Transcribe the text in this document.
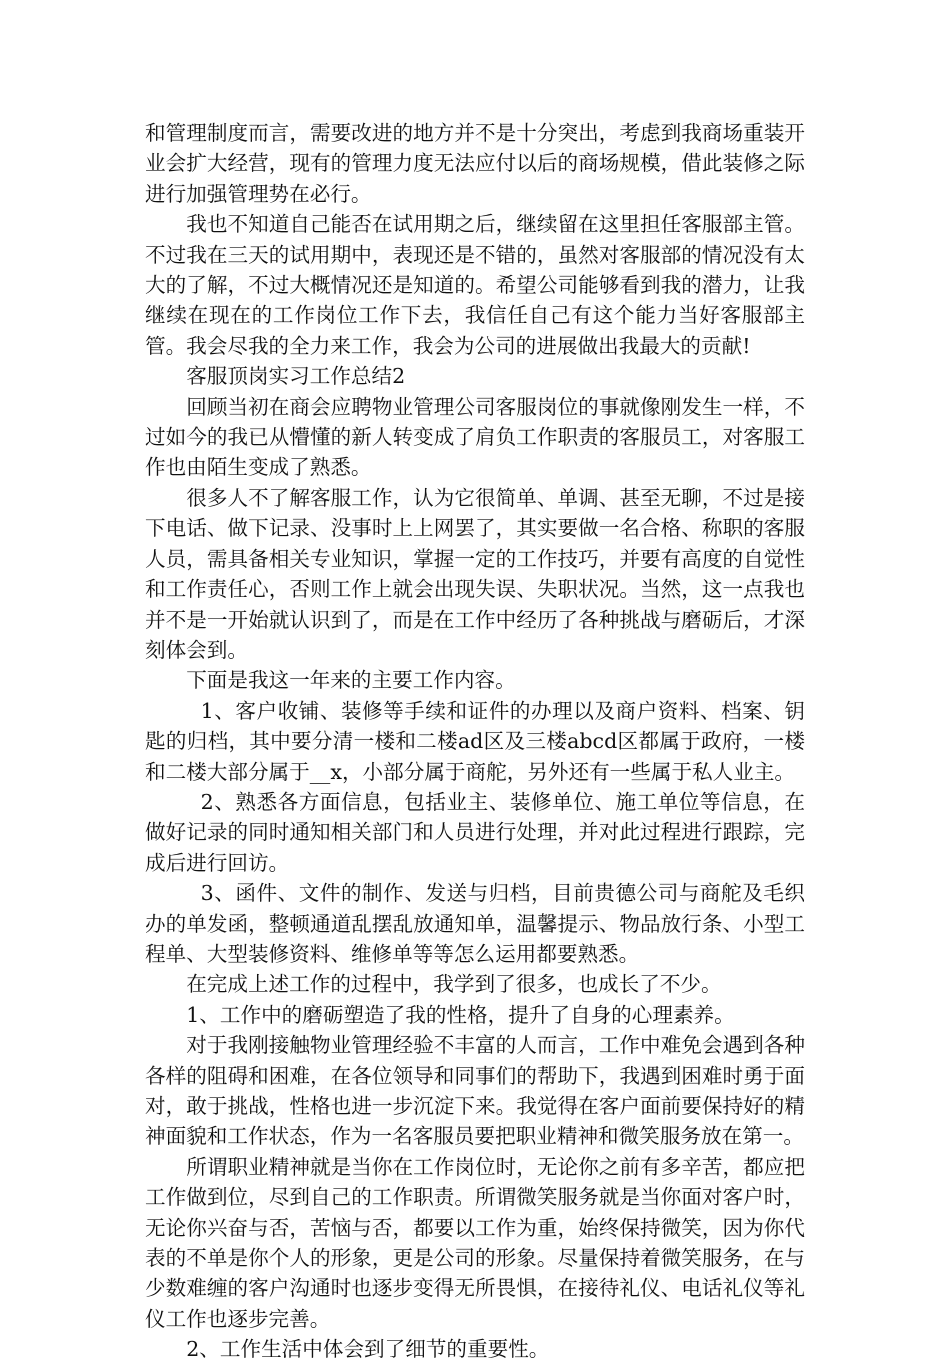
和管理制度而言，需要改进的地方并不是十分突出，考虑到我商场重装开业会扩大经营，现有的管理力度无法应付以后的商场规模，借此装修之际进行加强管理势在必行。

我也不知道自己能否在试用期之后，继续留在这里担任客服部主管。不过我在三天的试用期中，表现还是不错的，虽然对客服部的情况没有太大的了解，不过大概情况还是知道的。希望公司能够看到我的潜力，让我继续在现在的工作岗位工作下去，我信任自己有这个能力当好客服部主管。我会尽我的全力来工作，我会为公司的进展做出我最大的贡献!

客服顶岗实习工作总结2

回顾当初在商会应聘物业管理公司客服岗位的事就像刚发生一样，不过如今的我已从懵懂的新人转变成了肩负工作职责的客服员工，对客服工作也由陌生变成了熟悉。

很多人不了解客服工作，认为它很简单、单调、甚至无聊，不过是接下电话、做下记录、没事时上上网罢了，其实要做一名合格、称职的客服人员，需具备相关专业知识，掌握一定的工作技巧，并要有高度的自觉性和工作责任心，否则工作上就会出现失误、失职状况。当然，这一点我也并不是一开始就认识到了，而是在工作中经历了各种挑战与磨砺后，才深刻体会到。

下面是我这一年来的主要工作内容。

1、客户收铺、装修等手续和证件的办理以及商户资料、档案、钥匙的归档，其中要分清一楼和二楼ad区及三楼abcd区都属于政府，一楼和二楼大部分属于__x，小部分属于商舵，另外还有一些属于私人业主。

2、熟悉各方面信息，包括业主、装修单位、施工单位等信息，在做好记录的同时通知相关部门和人员进行处理，并对此过程进行跟踪，完成后进行回访。

3、函件、文件的制作、发送与归档，目前贵德公司与商舵及毛织办的单发函，整顿通道乱摆乱放通知单，温馨提示、物品放行条、小型工程单、大型装修资料、维修单等等怎么运用都要熟悉。

在完成上述工作的过程中，我学到了很多，也成长了不少。

1、工作中的磨砺塑造了我的性格，提升了自身的心理素养。

对于我刚接触物业管理经验不丰富的人而言，工作中难免会遇到各种各样的阻碍和困难，在各位领导和同事们的帮助下，我遇到困难时勇于面对，敢于挑战，性格也进一步沉淀下来。我觉得在客户面前要保持好的精神面貌和工作状态，作为一名客服员要把职业精神和微笑服务放在第一。

所谓职业精神就是当你在工作岗位时，无论你之前有多辛苦，都应把工作做到位，尽到自己的工作职责。所谓微笑服务就是当你面对客户时，无论你兴奋与否，苦恼与否，都要以工作为重，始终保持微笑，因为你代表的不单是你个人的形象，更是公司的形象。尽量保持着微笑服务，在与少数难缠的客户沟通时也逐步变得无所畏惧，在接待礼仪、电话礼仪等礼仪工作也逐步完善。

2、工作生活中体会到了细节的重要性。
